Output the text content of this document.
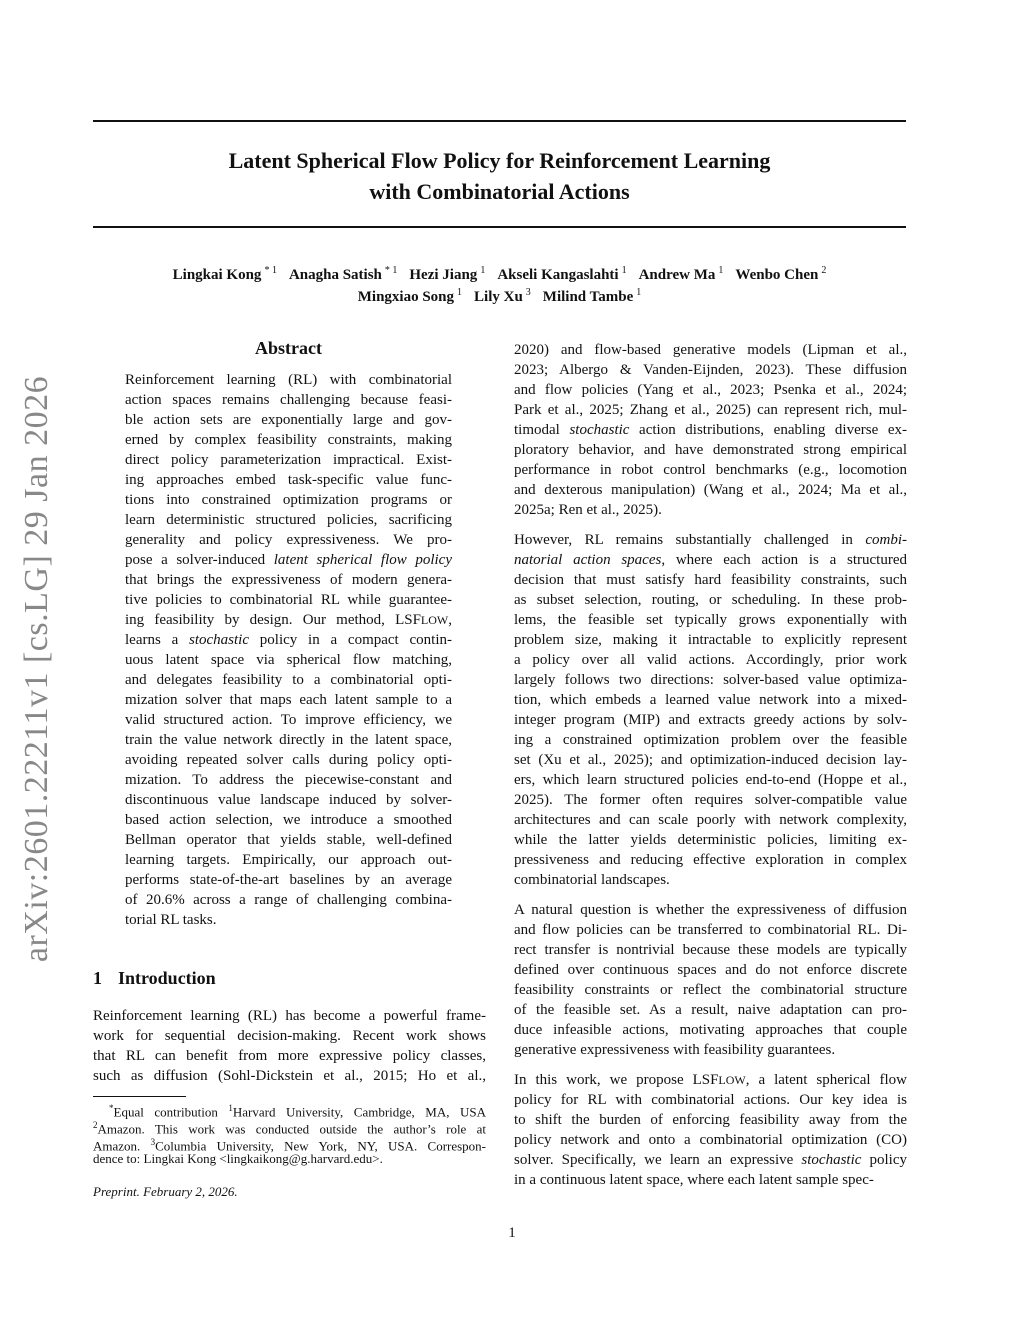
Latent Spherical Flow Policy for Reinforcement Learning
with Combinatorial Actions
Lingkai Kong $^{* 1}$ Anagha Satish $^{* 1}$ Hezi Jiang $^1$ Akseli Kangaslahti $^1$ Andrew Ma $^1$ Wenbo Chen $^2$
Mingxiao Song $^1$ Lily Xu $^3$ Milind Tambe $^1$
arXiv:2601.22211v1 [cs.LG] 29 Jan 2026
Abstract
Reinforcement learning (RL) with combinatorial
action spaces remains challenging because feasi-
ble action sets are exponentially large and gov-
erned by complex feasibility constraints, making
direct policy parameterization impractical. Exist-
ing approaches embed task-specific value func-
tions into constrained optimization programs or
learn deterministic structured policies, sacrificing
generality and policy expressiveness. We pro-
pose a solver-induced latent spherical flow policy
that brings the expressiveness of modern genera-
tive policies to combinatorial RL while guarantee-
ing feasibility by design. Our method, LSFLOW,
learns a stochastic policy in a compact contin-
uous latent space via spherical flow matching,
and delegates feasibility to a combinatorial opti-
mization solver that maps each latent sample to a
valid structured action. To improve efficiency, we
train the value network directly in the latent space,
avoiding repeated solver calls during policy opti-
mization. To address the piecewise-constant and
discontinuous value landscape induced by solver-
based action selection, we introduce a smoothed
Bellman operator that yields stable, well-defined
learning targets. Empirically, our approach out-
performs state-of-the-art baselines by an average
of 20.6% across a range of challenging combina-
torial RL tasks.
1 Introduction
Reinforcement learning (RL) has become a powerful frame-
work for sequential decision-making. Recent work shows
that RL can benefit from more expressive policy classes,
such as diffusion (Sohl-Dickstein et al., 2015; Ho et al.,
*Equal contribution $^1$Harvard University, Cambridge, MA, USA
$^2$Amazon. This work was conducted outside the author’s role at
Amazon. $^3$Columbia University, New York, NY, USA. Correspon-
dence to: Lingkai Kong <lingkaikong@g.harvard.edu>.
Preprint. February 2, 2026.
2020) and flow-based generative models (Lipman et al.,
2023; Albergo & Vanden-Eijnden, 2023). These diffusion
and flow policies (Yang et al., 2023; Psenka et al., 2024;
Park et al., 2025; Zhang et al., 2025) can represent rich, mul-
timodal stochastic action distributions, enabling diverse ex-
ploratory behavior, and have demonstrated strong empirical
performance in robot control benchmarks (e.g., locomotion
and dexterous manipulation) (Wang et al., 2024; Ma et al.,
2025a; Ren et al., 2025).
However, RL remains substantially challenged in combi-
natorial action spaces, where each action is a structured
decision that must satisfy hard feasibility constraints, such
as subset selection, routing, or scheduling. In these prob-
lems, the feasible set typically grows exponentially with
problem size, making it intractable to explicitly represent
a policy over all valid actions. Accordingly, prior work
largely follows two directions: solver-based value optimiza-
tion, which embeds a learned value network into a mixed-
integer program (MIP) and extracts greedy actions by solv-
ing a constrained optimization problem over the feasible
set (Xu et al., 2025); and optimization-induced decision lay-
ers, which learn structured policies end-to-end (Hoppe et al.,
2025). The former often requires solver-compatible value
architectures and can scale poorly with network complexity,
while the latter yields deterministic policies, limiting ex-
pressiveness and reducing effective exploration in complex
combinatorial landscapes.
A natural question is whether the expressiveness of diffusion
and flow policies can be transferred to combinatorial RL. Di-
rect transfer is nontrivial because these models are typically
defined over continuous spaces and do not enforce discrete
feasibility constraints or reflect the combinatorial structure
of the feasible set. As a result, naive adaptation can pro-
duce infeasible actions, motivating approaches that couple
generative expressiveness with feasibility guarantees.
In this work, we propose LSFLOW, a latent spherical flow
policy for RL with combinatorial actions. Our key idea is
to shift the burden of enforcing feasibility away from the
policy network and onto a combinatorial optimization (CO)
solver. Specifically, we learn an expressive stochastic policy
in a continuous latent space, where each latent sample spec-
1
